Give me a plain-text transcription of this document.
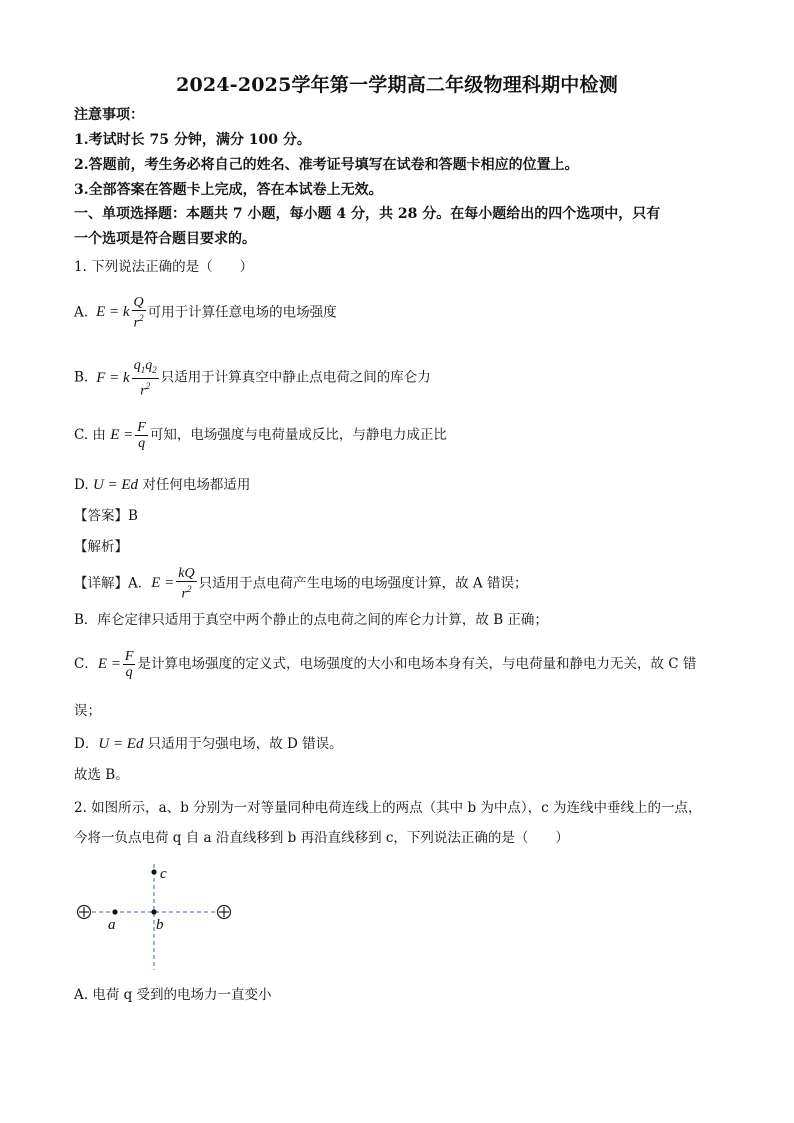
2024-2025学年第一学期高二年级物理科期中检测
注意事项：
1.考试时长 75 分钟，满分 100 分。
2.答题前，考生务必将自己的姓名、准考证号填写在试卷和答题卡相应的位置上。
3.全部答案在答题卡上完成，答在本试卷上无效。
一、单项选择题：本题共 7 小题，每小题 4 分，共 28 分。在每小题给出的四个选项中，只有
一个选项是符合题目要求的。
1. 下列说法正确的是（　　）
A.  E = k $\frac{Q}{r^2}$ 可用于计算任意电场的电场强度
B.  F = k $\frac{q_1q_2}{r^2}$ 只适用于计算真空中静止点电荷之间的库仑力
C. 由 $E = \frac{F}{q}$ 可知，电场强度与电荷量成反比，与静电力成正比
D. U = Ed 对任何电场都适用
【答案】B
【解析】
【详解】A．$E = \frac{kQ}{r^2}$ 只适用于点电荷产生电场的电场强度计算，故 A 错误；
B．库仑定律只适用于真空中两个静止的点电荷之间的库仑力计算，故 B 正确；
C．$E = \frac{F}{q}$ 是计算电场强度的定义式，电场强度的大小和电场本身有关，与电荷量和静电力无关，故 C 错
误；
D．U = Ed 只适用于匀强电场，故 D 错误。
故选 B。
2. 如图所示，a、b 分别为一对等量同种电荷连线上的两点（其中 b 为中点），c 为连线中垂线上的一点，
今将一负点电荷 q 自 a 沿直线移到 b 再沿直线移到 c，下列说法正确的是（　　）
a	b
c
A. 电荷 q 受到的电场力一直变小
